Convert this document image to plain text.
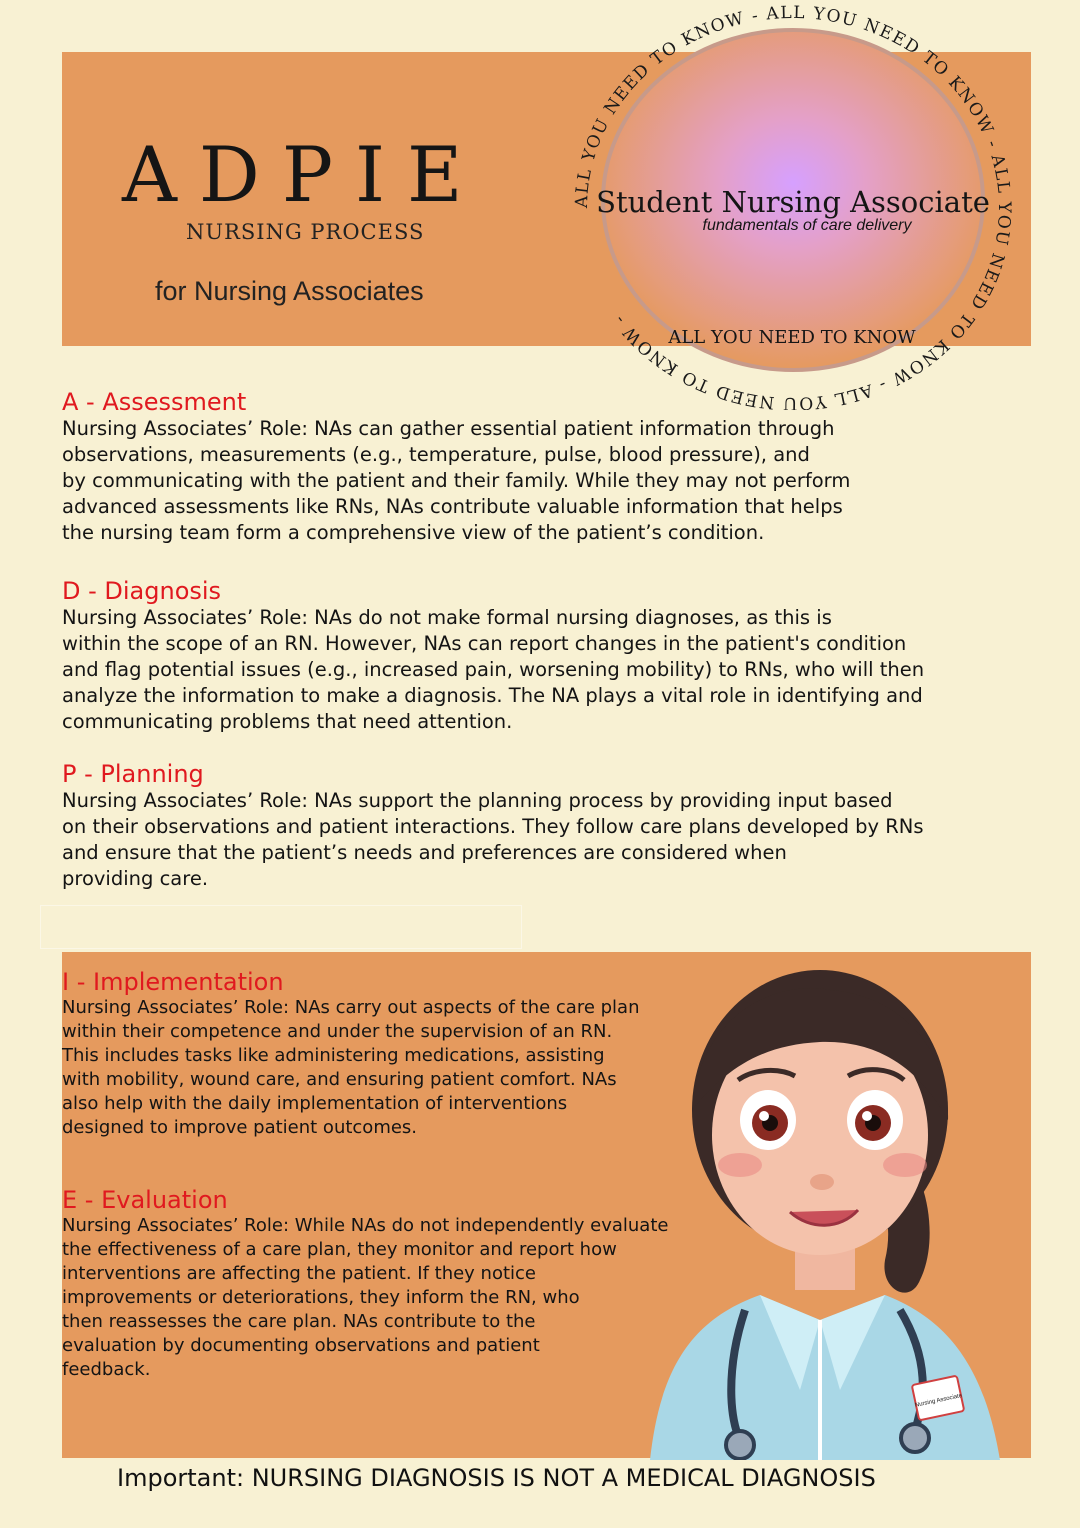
ADPIE
NURSING PROCESS
for Nursing Associates
ALL YOU NEED TO KNOW - ALL YOU NEED TO KNOW - ALL YOU NEED TO KNOW - ALL YOU NEED TO KNOW -
Student Nursing Associate
fundamentals of care delivery
ALL YOU NEED TO KNOW
A - Assessment

Nursing Associates’ Role: NAs can gather essential patient information through
observations, measurements (e.g., temperature, pulse, blood pressure), and
by communicating with the patient and their family. While they may not perform
advanced assessments like RNs, NAs contribute valuable information that helps
the nursing team form a comprehensive view of the patient’s condition.

D - Diagnosis

Nursing Associates’ Role: NAs do not make formal nursing diagnoses, as this is
within the scope of an RN. However, NAs can report changes in the patient's condition
and flag potential issues (e.g., increased pain, worsening mobility) to RNs, who will then
analyze the information to make a diagnosis. The NA plays a vital role in identifying and
communicating problems that need attention.

P - Planning

Nursing Associates’ Role: NAs support the planning process by providing input based
on their observations and patient interactions. They follow care plans developed by RNs
and ensure that the patient’s needs and preferences are considered when
providing care.

I - Implementation

Nursing Associates’ Role: NAs carry out aspects of the care plan
within their competence and under the supervision of an RN.
This includes tasks like administering medications, assisting
with mobility, wound care, and ensuring patient comfort. NAs
also help with the daily implementation of interventions
designed to improve patient outcomes.

E - Evaluation

Nursing Associates’ Role: While NAs do not independently evaluate
the effectiveness of a care plan, they monitor and report how
interventions are affecting the patient. If they notice
improvements or deteriorations, they inform the RN, who
then reassesses the care plan. NAs contribute to the
evaluation by documenting observations and patient
feedback.

Nursing Associate
Important: NURSING DIAGNOSIS IS NOT A MEDICAL DIAGNOSIS
